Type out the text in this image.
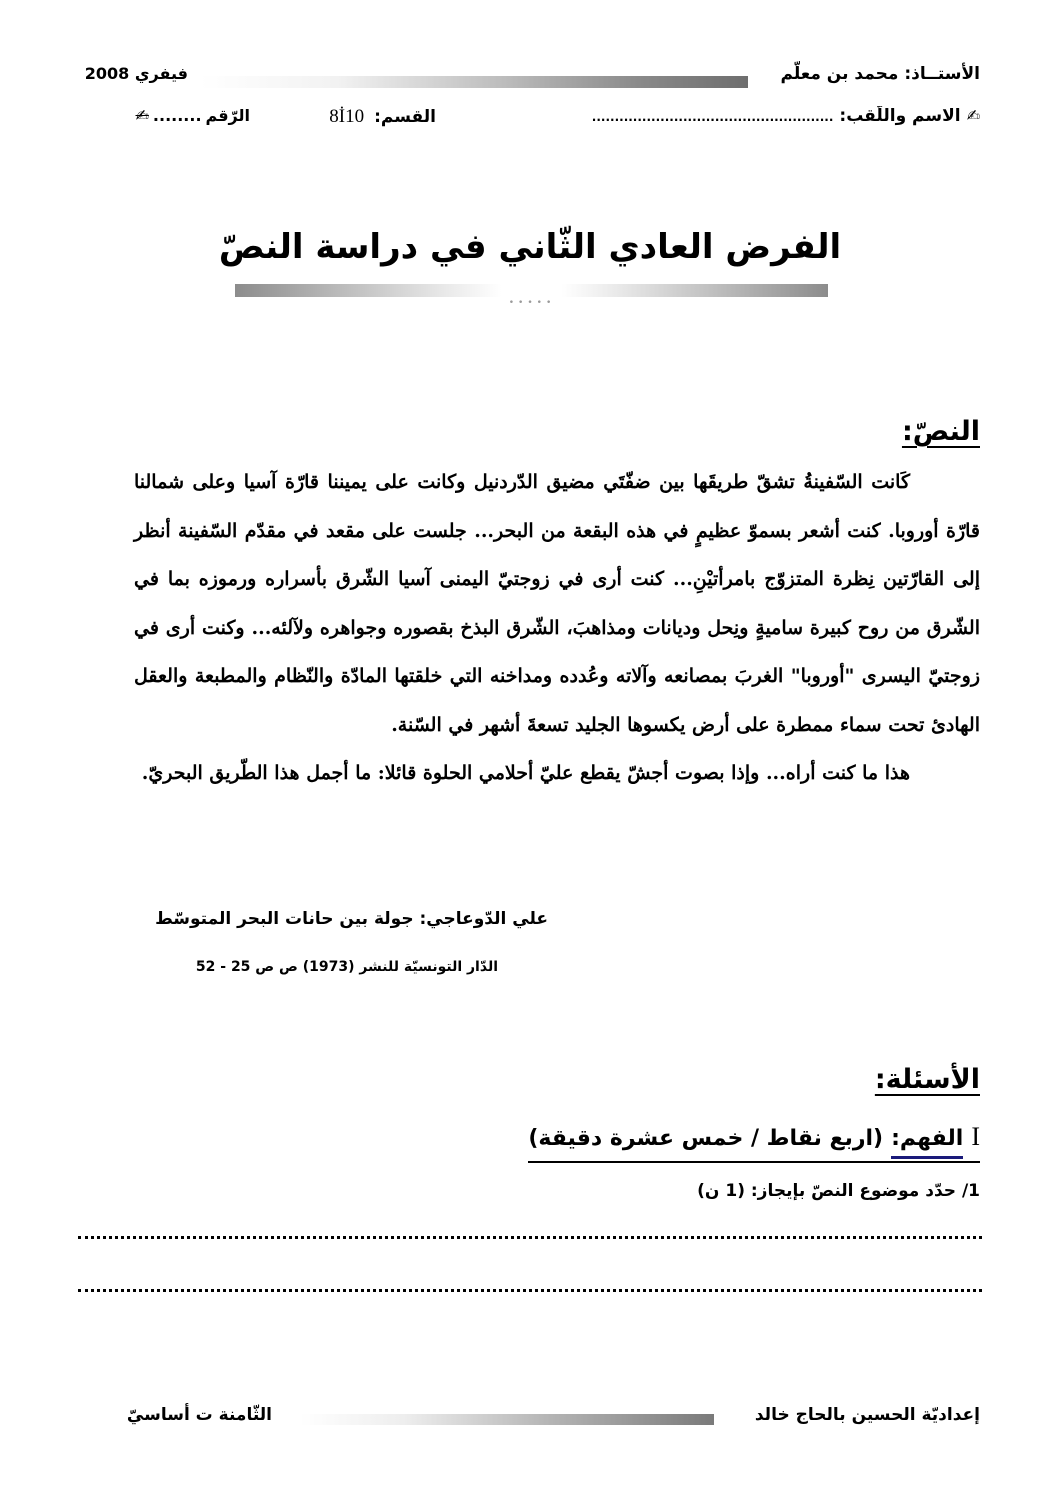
الأستــاذ: محمد بن معلّم
فيفري 2008
✍
الاسم واللّقب:
.....................................................
القسم:
8İ10
الرّقم
........
✍
الفرض العادي الثّاني في دراسة النصّ
•••••
النصّ:

كَانت السّفينةُ تشقّ طريقَها بين ضفّتَي مضيق الدّردنيل وكانت على يميننا قارّة آسيا وعلى شمالنا قارّة أوروبا. كنت أشعر بسموّ عظيمٍ في هذه البقعة من البحر... جلست على مقعد في مقدّم السّفينة أنظر إلى القارّتين نِظرة المتزوّج بامرأتيْنِ... كنت أرى في زوجتيّ اليمنى آسيا الشّرق بأسراره ورموزه بما في الشّرق من روح كبيرة ساميةٍ ونِحل وديانات ومذاهبَ، الشّرق البذخ بقصوره وجواهره ولآلئه... وكنت أرى في زوجتيّ اليسرى "أوروبا" الغربَ بمصانعه وآلاته وعُدده ومداخنه التي خلقتها المادّة والنّظام والمطبعة والعقل الهادئ تحت سماء ممطرة على أرض يكسوها الجليد تسعةَ أشهر في السّنة.

هذا ما كنت أراه... وإذا بصوت أجشّ يقطع عليّ أحلامي الحلوة قائلا: ما أجمل هذا الطّريق البحريّ.

علي الدّوعاجي: جولة بين حانات البحر المتوسّط
الدّار التونسيّة للنشر (1973) ص ص 25 - 52
الأسئلة:
I
الفهم:
(اربع نقاط / خمس عشرة دقيقة)
1/ حدّد موضوع النصّ بإيجاز: (1 ن)
إعداديّة الحسين بالحاج خالد
الثّامنة ت أساسيّ
